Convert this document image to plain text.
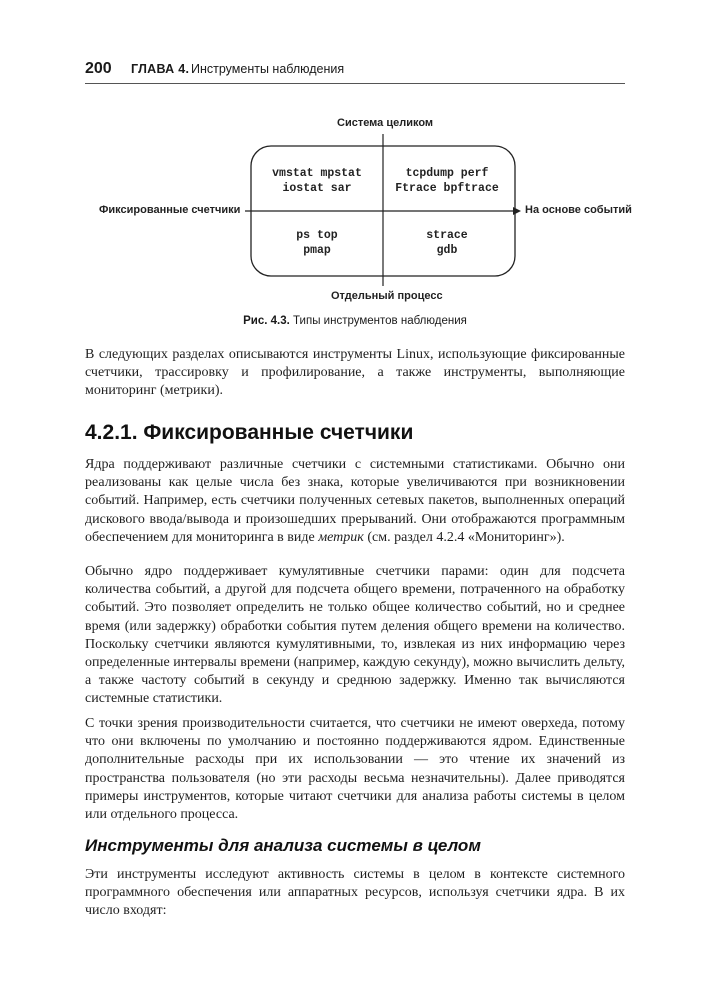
200 ГЛАВА 4. Инструменты наблюдения
Система целиком
Отдельный процесс
Фиксированные счетчики	На основе событий
vmstat mpstat
iostat sar
tcpdump perf
Ftrace bpftrace
ps top
pmap
strace
gdb
Рис. 4.3. Типы инструментов наблюдения

В следующих разделах описываются инструменты Linux, использующие фиксированные счетчики, трассировку и профилирование, а также инструменты, выполняющие мониторинг (метрики).

4.2.1. Фиксированные счетчики

Ядра поддерживают различные счетчики с системными статистиками. Обычно они реализованы как целые числа без знака, которые увеличиваются при возникновении событий. Например, есть счетчики полученных сетевых пакетов, выполненных операций дискового ввода/вывода и произошедших прерываний. Они отображаются программным обеспечением для мониторинга в виде метрик (см. раздел 4.2.4 «Мониторинг»).

Обычно ядро поддерживает кумулятивные счетчики парами: один для подсчета количества событий, а другой для подсчета общего времени, потраченного на обработку событий. Это позволяет определить не только общее количество событий, но и среднее время (или задержку) обработки события путем деления общего времени на количество. Поскольку счетчики являются кумулятивными, то, извлекая из них информацию через определенные интервалы времени (например, каждую секунду), можно вычислить дельту, а также частоту событий в секунду и среднюю задержку. Именно так вычисляются системные статистики.

С точки зрения производительности считается, что счетчики не имеют оверхеда, потому что они включены по умолчанию и постоянно поддерживаются ядром. Единственные дополнительные расходы при их использовании — это чтение их значений из пространства пользователя (но эти расходы весьма незначительны). Далее приводятся примеры инструментов, которые читают счетчики для анализа работы системы в целом или отдельного процесса.

Инструменты для анализа системы в целом

Эти инструменты исследуют активность системы в целом в контексте системного программного обеспечения или аппаратных ресурсов, используя счетчики ядра. В их число входят:
